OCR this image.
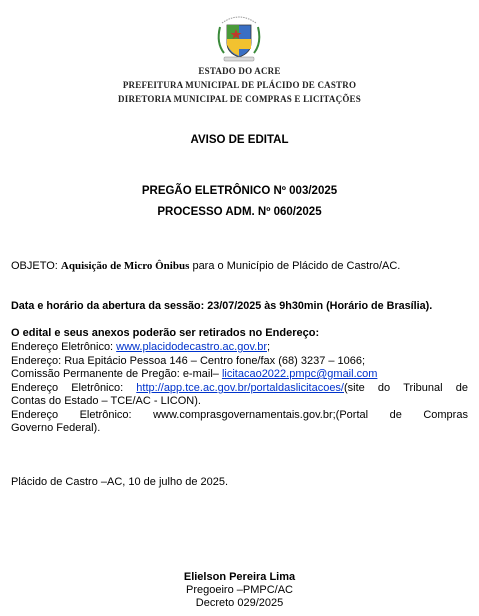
ESTADO DO ACRE
PREFEITURA MUNICIPAL DE PLÁCIDO DE CASTRO
DIRETORIA MUNICIPAL DE COMPRAS E LICITAÇÕES
AVISO DE EDITAL
PREGÃO ELETRÔNICO Nº 003/2025
PROCESSO ADM. Nº 060/2025
OBJETO: Aquisição de Micro Ônibus para o Município de Plácido de Castro/AC.
Data e horário da abertura da sessão: 23/07/2025 às 9h30min (Horário de Brasília).
O edital e seus anexos poderão ser retirados no Endereço:
Endereço Eletrônico: www.placidodecastro.ac.gov.br;
Endereço: Rua Epitácio Pessoa 146 – Centro fone/fax (68) 3237 – 1066;
Comissão Permanente de Pregão: e-mail– licitacao2022.pmpc@gmail.com
Endereço Eletrônico: http://app.tce.ac.gov.br/portaldaslicitacoes/(site do Tribunal de
Contas do Estado – TCE/AC - LICON).
Endereço Eletrônico: www.comprasgovernamentais.gov.br;(Portal de Compras
Governo Federal).
Plácido de Castro –AC, 10 de julho de 2025.
Elielson Pereira Lima
Pregoeiro –PMPC/AC
Decreto 029/2025
